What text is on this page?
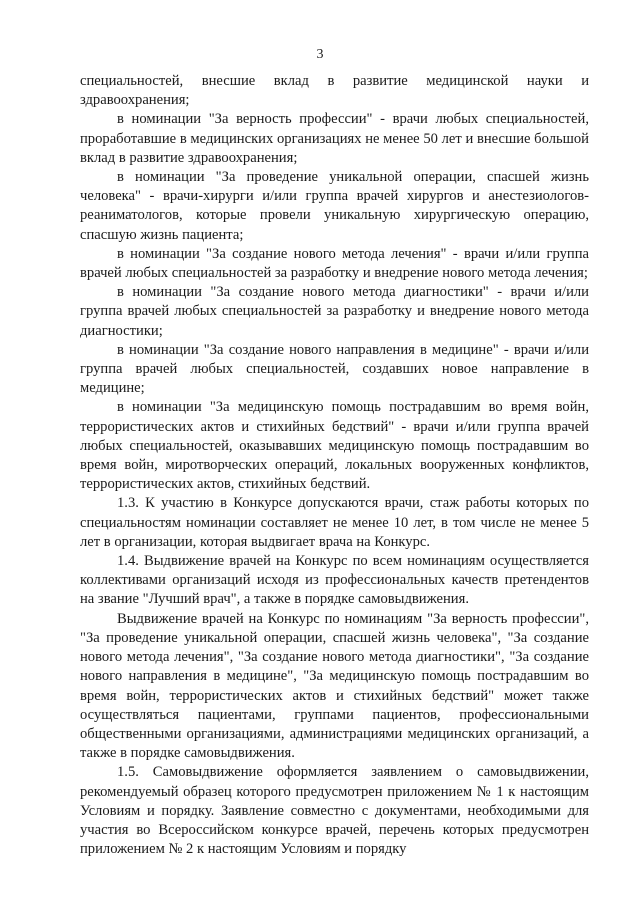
3

специальностей, внесшие вклад в развитие медицинской науки и здравоохранения;

в номинации "За верность профессии" - врачи любых специальностей, проработавшие в медицинских организациях не менее 50 лет и внесшие большой вклад в развитие здравоохранения;

в номинации "За проведение уникальной операции, спасшей жизнь человека" - врачи-хирурги и/или группа врачей хирургов и анестезиологов-реаниматологов, которые провели уникальную хирургическую операцию, спасшую жизнь пациента;

в номинации "За создание нового метода лечения" - врачи и/или группа врачей любых специальностей за разработку и внедрение нового метода лечения;

в номинации "За создание нового метода диагностики" - врачи и/или группа врачей любых специальностей за разработку и внедрение нового метода диагностики;

в номинации "За создание нового направления в медицине" - врачи и/или группа врачей любых специальностей, создавших новое направление в медицине;

в номинации "За медицинскую помощь пострадавшим во время войн, террористических актов и стихийных бедствий" - врачи и/или группа врачей любых специальностей, оказывавших медицинскую помощь пострадавшим во время войн, миротворческих операций, локальных вооруженных конфликтов, террористических актов, стихийных бедствий.

1.3. К участию в Конкурсе допускаются врачи, стаж работы которых по специальностям номинации составляет не менее 10 лет, в том числе не менее 5 лет в организации, которая выдвигает врача на Конкурс.

1.4. Выдвижение врачей на Конкурс по всем номинациям осуществляется коллективами организаций исходя из профессиональных качеств претендентов на звание "Лучший врач", а также в порядке самовыдвижения.

Выдвижение врачей на Конкурс по номинациям "За верность профессии", "За проведение уникальной операции, спасшей жизнь человека", "За создание нового метода лечения", "За создание нового метода диагностики", "За создание нового направления в медицине", "За медицинскую помощь пострадавшим во время войн, террористических актов и стихийных бедствий" может также осуществляться пациентами, группами пациентов, профессиональными общественными организациями, администрациями медицинских организаций, а также в порядке самовыдвижения.

1.5. Самовыдвижение оформляется заявлением о самовыдвижении, рекомендуемый образец которого предусмотрен приложением № 1 к настоящим Условиям и порядку. Заявление совместно с документами, необходимыми для участия во Всероссийском конкурсе врачей, перечень которых предусмотрен приложением № 2 к настоящим Условиям и порядку
